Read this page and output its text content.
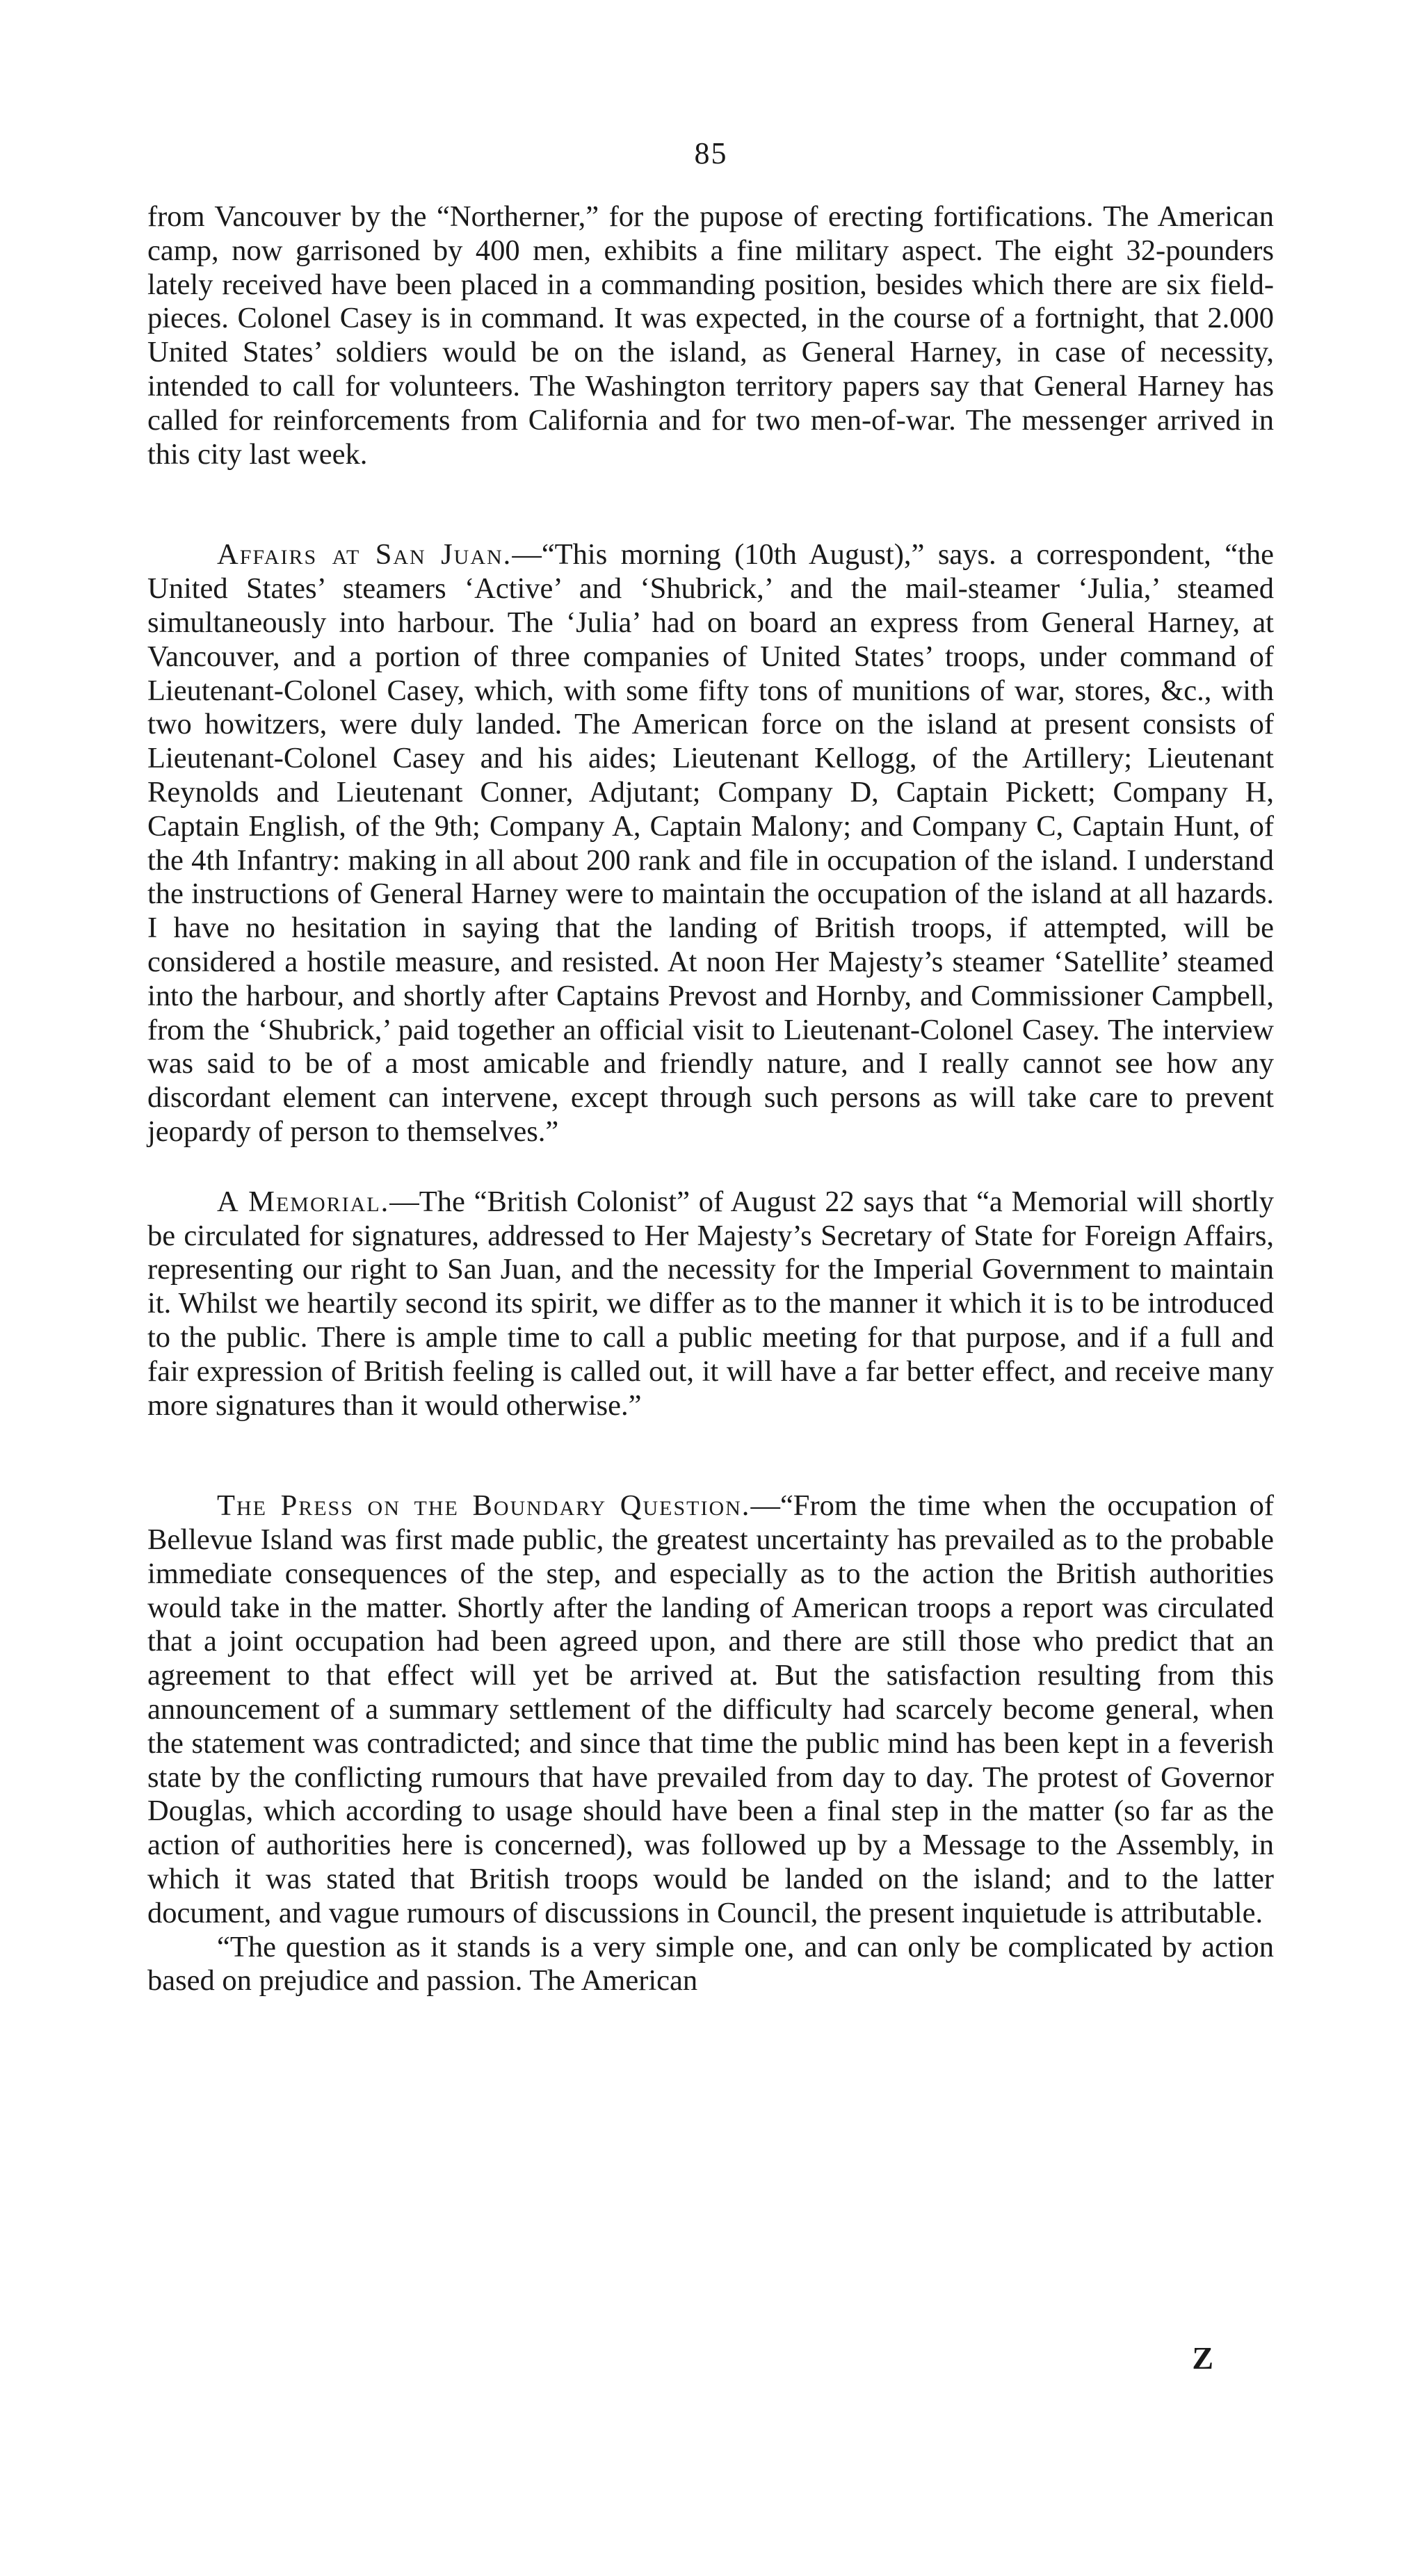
85

from Vancouver by the “Northerner,” for the pupose of erecting fortifications. The American camp, now garrisoned by 400 men, exhibits a fine military aspect. The eight 32-pounders lately received have been placed in a commanding position, besides which there are six field-pieces. Colonel Casey is in command. It was expected, in the course of a fortnight, that 2.000 United States’ soldiers would be on the island, as General Harney, in case of necessity, intended to call for volunteers. The Washington territory papers say that General Harney has called for reinforcements from California and for two men-of-war. The messenger arrived in this city last week.

Affairs at San Juan.—“This morning (10th August),” says. a correspondent, “the United States’ steamers ‘Active’ and ‘Shubrick,’ and the mail-steamer ‘Julia,’ steamed simultaneously into harbour. The ‘Julia’ had on board an express from General Harney, at Vancouver, and a portion of three companies of United States’ troops, under command of Lieutenant-Colonel Casey, which, with some fifty tons of munitions of war, stores, &c., with two howitzers, were duly landed. The American force on the island at present consists of Lieutenant-Colonel Casey and his aides; Lieutenant Kellogg, of the Artillery; Lieutenant Reynolds and Lieutenant Conner, Adjutant; Company D, Captain Pickett; Company H, Captain English, of the 9th; Company A, Captain Malony; and Company C, Captain Hunt, of the 4th Infantry: making in all about 200 rank and file in occupation of the island. I understand the instructions of General Harney were to maintain the occupation of the island at all hazards. I have no hesitation in saying that the landing of British troops, if attempted, will be considered a hostile measure, and resisted. At noon Her Majesty’s steamer ‘Satellite’ steamed into the harbour, and shortly after Captains Prevost and Hornby, and Commissioner Campbell, from the ‘Shubrick,’ paid together an official visit to Lieutenant-Colonel Casey. The interview was said to be of a most amicable and friendly nature, and I really cannot see how any discordant element can intervene, except through such persons as will take care to prevent jeopardy of person to themselves.”

A Memorial.—The “British Colonist” of August 22 says that “a Memorial will shortly be circulated for signatures, addressed to Her Majesty’s Secretary of State for Foreign Affairs, representing our right to San Juan, and the necessity for the Imperial Government to maintain it. Whilst we heartily second its spirit, we differ as to the manner it which it is to be introduced to the public. There is ample time to call a public meeting for that purpose, and if a full and fair expression of British feeling is called out, it will have a far better effect, and receive many more signatures than it would otherwise.”

The Press on the Boundary Question.—“From the time when the occupation of Bellevue Island was first made public, the greatest uncertainty has prevailed as to the probable immediate consequences of the step, and especially as to the action the British authorities would take in the matter. Shortly after the landing of American troops a report was circulated that a joint occupation had been agreed upon, and there are still those who predict that an agreement to that effect will yet be arrived at. But the satisfaction resulting from this announcement of a summary settlement of the difficulty had scarcely become general, when the statement was contradicted; and since that time the public mind has been kept in a feverish state by the conflicting rumours that have prevailed from day to day. The protest of Governor Douglas, which according to usage should have been a final step in the matter (so far as the action of authorities here is concerned), was followed up by a Message to the Assembly, in which it was stated that British troops would be landed on the island; and to the latter document, and vague rumours of discussions in Council, the present inquietude is attributable.

“The question as it stands is a very simple one, and can only be complicated by action based on prejudice and passion. The American

Z
